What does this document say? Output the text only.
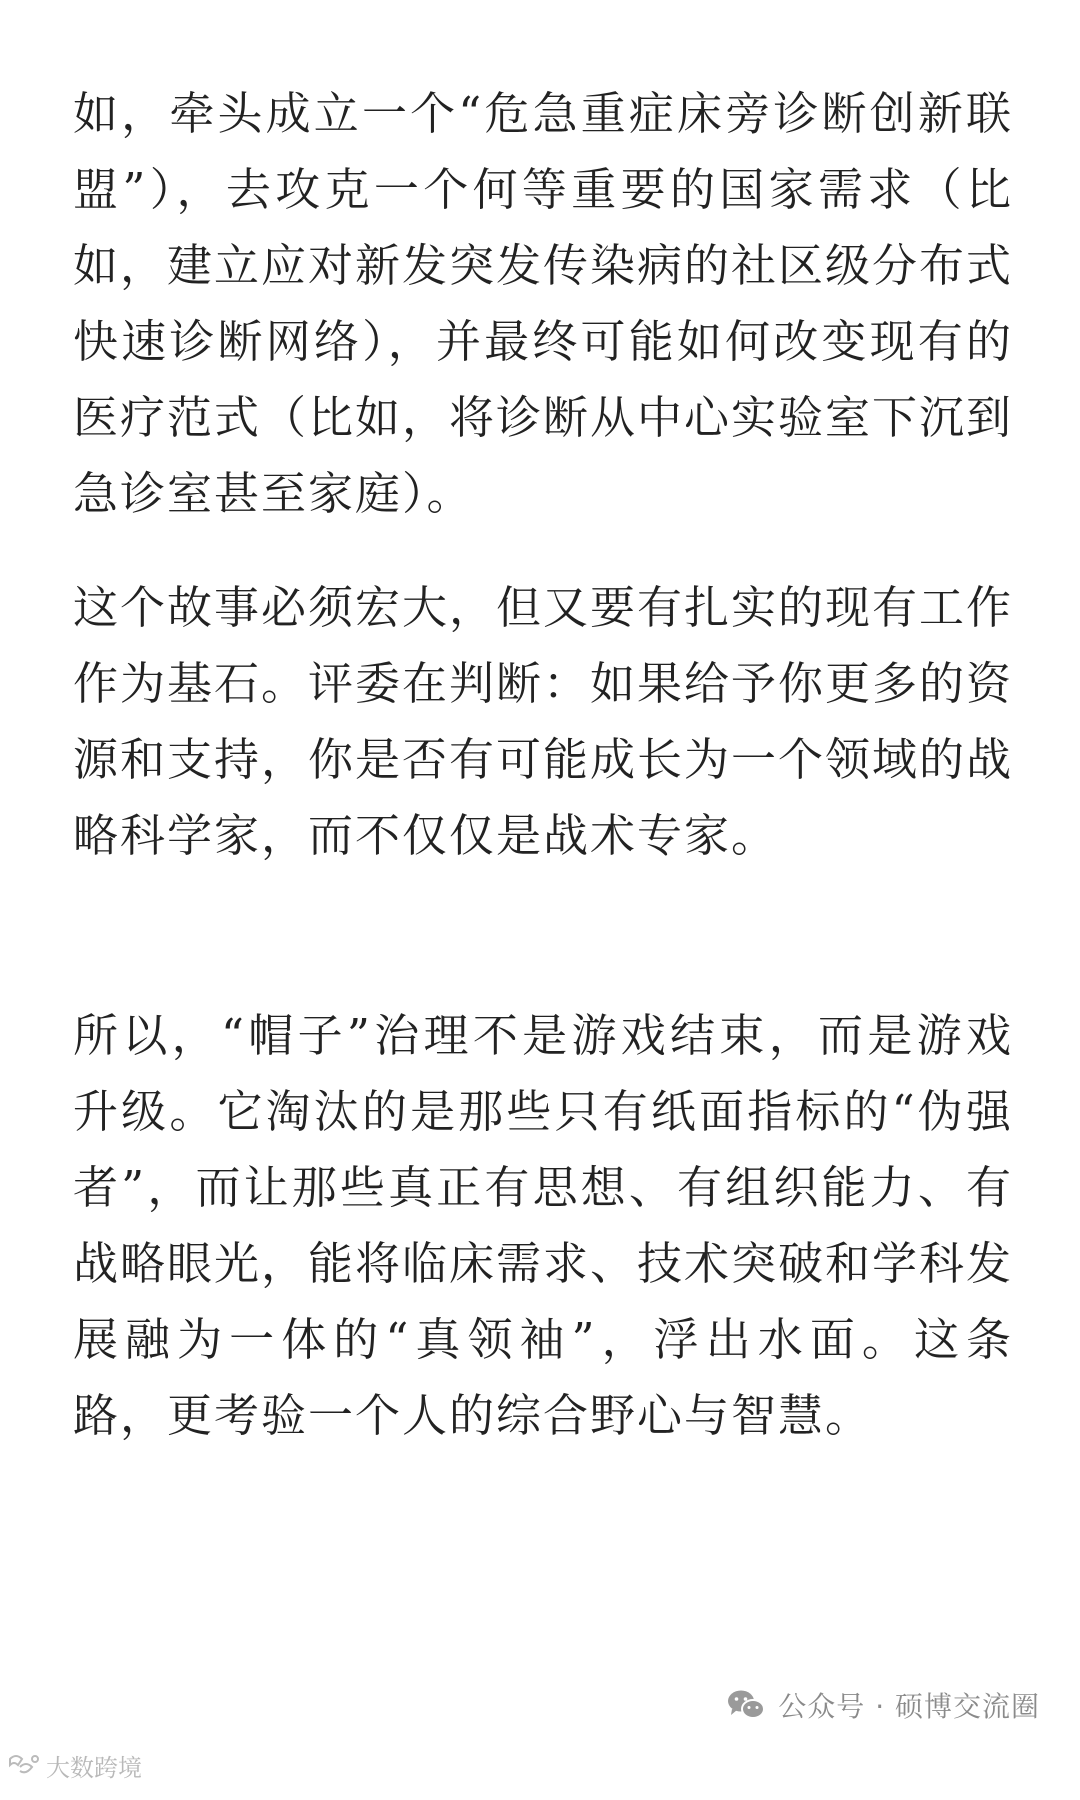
如，牵头成立一个“危急重症床旁诊断创新联盟”），去攻克一个何等重要的国家需求（比如，建立应对新发突发传染病的社区级分布式快速诊断网络），并最终可能如何改变现有的医疗范式（比如，将诊断从中心实验室下沉到急诊室甚至家庭）。

这个故事必须宏大，但又要有扎实的现有工作作为基石。评委在判断：如果给予你更多的资源和支持，你是否有可能成长为一个领域的战略科学家，而不仅仅是战术专家。

所以，“帽子”治理不是游戏结束，而是游戏升级。它淘汰的是那些只有纸面指标的“伪强者”，而让那些真正有思想、有组织能力、有战略眼光，能将临床需求、技术突破和学科发展融为一体的“真领袖”，浮出水面。这条路，更考验一个人的综合野心与智慧。

公众号 · 硕博交流圈
大数跨境
